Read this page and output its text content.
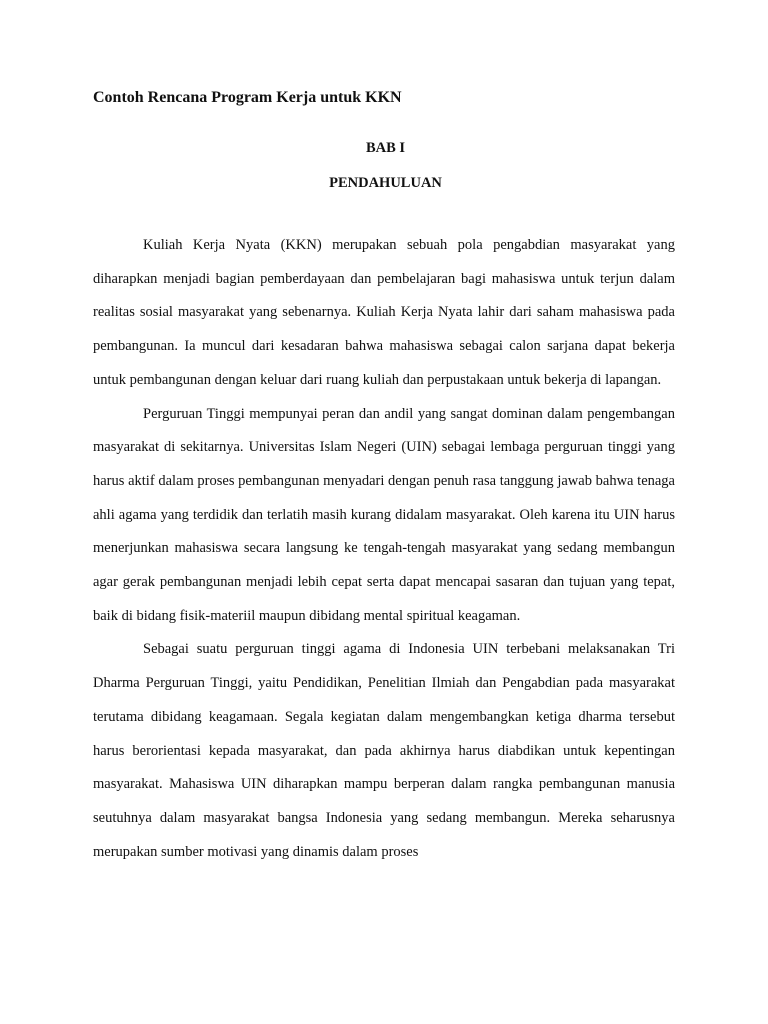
Contoh Rencana Program Kerja untuk KKN
BAB I
PENDAHULUAN

Kuliah Kerja Nyata (KKN) merupakan sebuah pola pengabdian masyarakat yang diharapkan menjadi bagian pemberdayaan dan pembelajaran bagi mahasiswa untuk terjun dalam realitas sosial masyarakat yang sebenarnya. Kuliah Kerja Nyata lahir dari saham mahasiswa pada pembangunan. Ia muncul dari kesadaran bahwa mahasiswa sebagai calon sarjana dapat bekerja untuk pembangunan dengan keluar dari ruang kuliah dan perpustakaan untuk bekerja di lapangan.

Perguruan Tinggi mempunyai peran dan andil yang sangat dominan dalam pengembangan masyarakat di sekitarnya. Universitas Islam Negeri (UIN) sebagai lembaga perguruan tinggi yang harus aktif dalam proses pembangunan menyadari dengan penuh rasa tanggung jawab bahwa tenaga ahli agama yang terdidik dan terlatih masih kurang didalam masyarakat. Oleh karena itu UIN harus menerjunkan mahasiswa secara langsung ke tengah-tengah masyarakat yang sedang membangun agar gerak pembangunan menjadi lebih cepat serta dapat mencapai sasaran dan tujuan yang tepat, baik di bidang fisik-materiil maupun dibidang mental spiritual keagaman.

Sebagai suatu perguruan tinggi agama di Indonesia UIN terbebani melaksanakan Tri Dharma Perguruan Tinggi, yaitu Pendidikan, Penelitian Ilmiah dan Pengabdian pada masyarakat terutama dibidang keagamaan. Segala kegiatan dalam mengembangkan ketiga dharma tersebut harus berorientasi kepada masyarakat, dan pada akhirnya harus diabdikan untuk kepentingan masyarakat. Mahasiswa UIN diharapkan mampu berperan dalam rangka pembangunan manusia seutuhnya dalam masyarakat bangsa Indonesia yang sedang membangun. Mereka seharusnya merupakan sumber motivasi yang dinamis dalam proses
